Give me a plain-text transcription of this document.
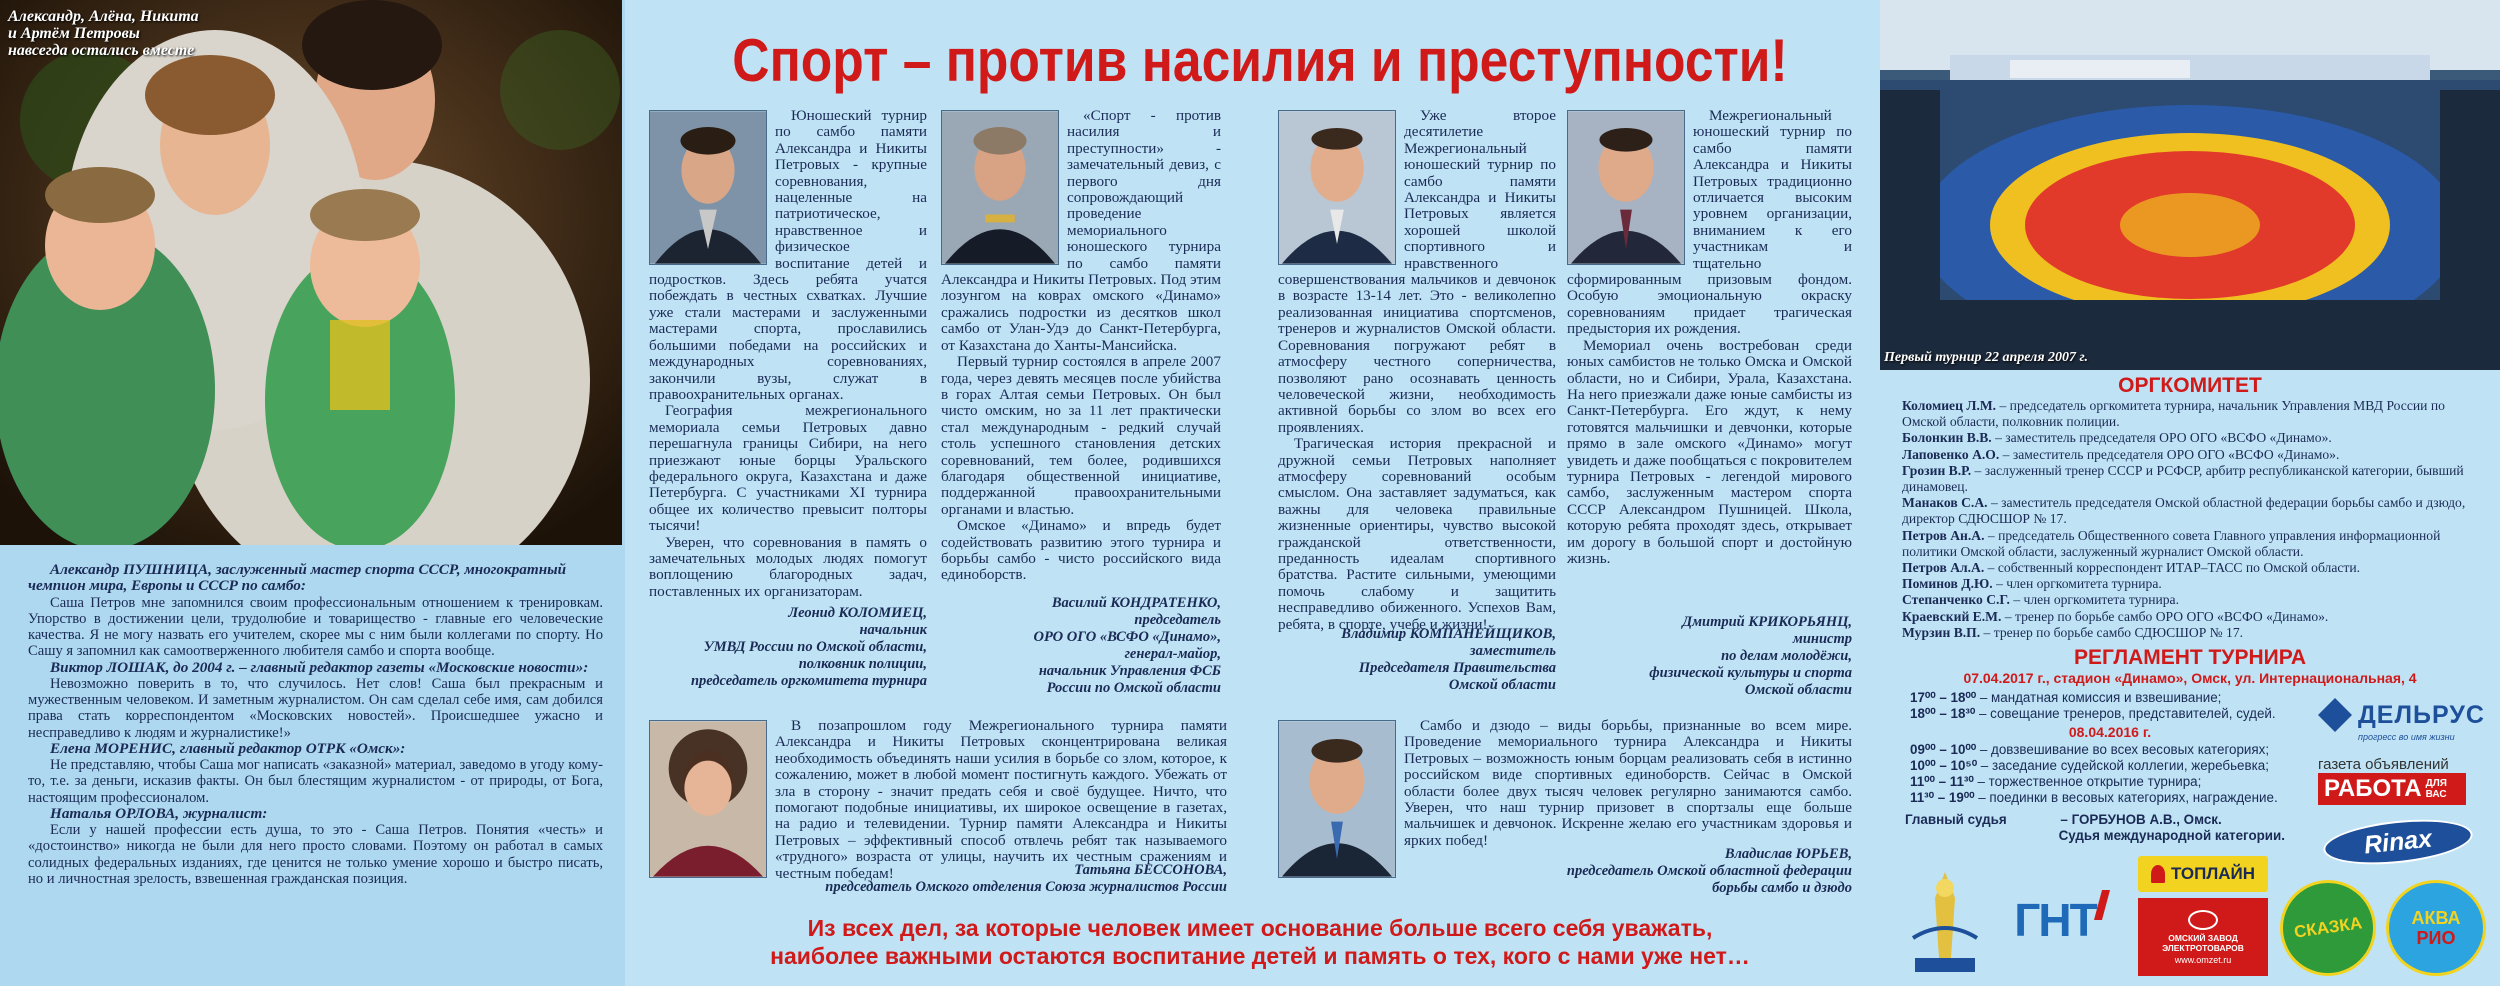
Александр, Алёна, Никита
и Артём Петровы
навсегда остались вместе

Александр ПУШНИЦА, заслуженный мастер спорта СССР, многократный чемпион мира, Европы и СССР по самбо:

Саша Петров мне запомнился своим профессиональным отношением к тренировкам. Упорство в достижении цели, трудолюбие и товарищество - главные его человеческие качества. Я не могу назвать его учителем, скорее мы с ним были коллегами по спорту. Но Сашу я запомнил как самоотверженного любителя самбо и спорта вообще.

Виктор ЛОШАК, до 2004 г. – главный редактор газеты «Московские новости»:

Невозможно поверить в то, что случилось. Нет слов! Саша был прекрасным и мужественным человеком. И заметным журналистом. Он сам сделал себе имя, сам добился права стать корреспондентом «Московских новостей». Происшедшее ужасно и несправедливо к людям и журналистике!»

Елена МОРЕНИС, главный редактор ОТРК «Омск»:

Не представляю, чтобы Саша мог написать «заказной» материал, заведомо в угоду кому-то, т.е. за деньги, исказив факты. Он был блестящим журналистом - от природы, от Бога, настоящим профессионалом.

Наталья ОРЛОВА, журналист:

Если у нашей профессии есть душа, то это - Саша Петров. Понятия «честь» и «достоинство» никогда не были для него просто словами. Поэтому он работал в самых солидных федеральных изданиях, где ценится не только умение хорошо и быстро писать, но и личностная зрелость, взвешенная гражданская позиция.

Спорт – против насилия и преступности!

Юношеский турнир по самбо памяти Александра и Никиты Петровых - крупные соревнования, нацеленные на патриотическое, нравственное и физическое воспитание детей и подростков. Здесь ребята учатся побеждать в честных схватках. Лучшие уже стали мастерами и заслуженными мастерами спорта, прославились большими победами на российских и международных соревнованиях, закончили вузы, служат в правоохранительных органах.

География межрегионального мемориала семьи Петровых давно перешагнула границы Сибири, на него приезжают юные борцы Уральского федерального округа, Казахстана и даже Петербурга. С участниками XI турнира общее их количество превысит полторы тысячи!

Уверен, что соревнования в память о замечательных молодых людях помогут воплощению благородных задач, поставленных их организаторам.

Леонид КОЛОМИЕЦ,
начальник
УМВД России по Омской области,
полковник полиции,
председатель оргкомитета турнира

«Спорт - против насилия и преступности» - замечательный девиз, с первого дня сопровождающий проведение мемориального юношеского турнира по самбо памяти Александра и Никиты Петровых. Под этим лозунгом на коврах омского «Динамо» сражались подростки из десятков школ самбо от Улан-Удэ до Санкт-Петербурга, от Казахстана до Ханты-Мансийска.

Первый турнир состоялся в апреле 2007 года, через девять месяцев после убийства в горах Алтая семьи Петровых. Он был чисто омским, но за 11 лет практически стал международным - редкий случай столь успешного становления детских соревнований, тем более, родившихся благодаря общественной инициативе, поддержанной правоохранительными органами и властью.

Омское «Динамо» и впредь будет содействовать развитию этого турнира и борьбы самбо - чисто российского вида единоборств.

Василий КОНДРАТЕНКО,
председатель
ОРО ОГО «ВСФО «Динамо»,
генерал-майор,
начальник Управления ФСБ
России по Омской области

Уже второе десятилетие Межрегиональный юношеский турнир по самбо памяти Александра и Никиты Петровых является хорошей школой спортивного и нравственного совершенствования мальчиков и девчонок в возрасте 13-14 лет. Это - великолепно реализованная инициатива спортсменов, тренеров и журналистов Омской области. Соревнования погружают ребят в атмосферу честного соперничества, позволяют рано осознавать ценность человеческой жизни, необходимость активной борьбы со злом во всех его проявлениях.

Трагическая история прекрасной и дружной семьи Петровых наполняет атмосферу соревнований особым смыслом. Она заставляет задуматься, как важны для человека правильные жизненные ориентиры, чувство высокой гражданской ответственности, преданность идеалам спортивного братства. Растите сильными, умеющими помочь слабому и защитить несправедливо обиженного. Успехов Вам, ребята, в спорте, учебе и жизни!

Владимир КОМПАНЕЙЩИКОВ,
заместитель
Председателя Правительства
Омской области

Межрегиональный юношеский турнир по самбо памяти Александра и Никиты Петровых традиционно отличается высоким уровнем организации, вниманием к его участникам и тщательно сформированным призовым фондом. Особую эмоциональную окраску соревнованиям придает трагическая предыстория их рождения.

Мемориал очень востребован среди юных самбистов не только Омска и Омской области, но и Сибири, Урала, Казахстана. На него приезжали даже юные самбисты из Санкт-Петербурга. Его ждут, к нему готовятся мальчишки и девчонки, которые прямо в зале омского «Динамо» могут увидеть и даже пообщаться с покровителем турнира Петровых - легендой мирового самбо, заслуженным мастером спорта СССР Александром Пушницей. Школа, которую ребята проходят здесь, открывает им дорогу в большой спорт и достойную жизнь.

Дмитрий КРИКОРЬЯНЦ,
министр
по делам молодёжи,
физической культуры и спорта
Омской области

В позапрошлом году Межрегионального турнира памяти Александра и Никиты Петровых сконцентрирована великая необходимость объединять наши усилия в борьбе со злом, которое, к сожалению, может в любой момент постигнуть каждого. Убежать от зла в сторону - значит предать себя и своё будущее. Ничто, что помогают подобные инициативы, их широкое освещение в газетах, на радио и телевидении. Турнир памяти Александра и Никиты Петровых – эффективный способ отвлечь ребят так называемого «трудного» возраста от улицы, научить их честным сражениям и честным победам!	Татьяна БЕССОНОВА,
председатель Омского отделения Союза журналистов России

Самбо и дзюдо – виды борьбы, признанные во всем мире. Проведение мемориального турнира Александра и Никиты Петровых – возможность юным борцам реализовать себя в истинно российском виде спортивных единоборств. Сейчас в Омской области более двух тысяч человек регулярно занимаются самбо. Уверен, что наш турнир призовет в спортзалы еще больше мальчишек и девчонок. Искренне желаю его участникам здоровья и ярких побед!

Владислав ЮРЬЕВ,
председатель Омской областной федерации
борьбы самбо и дзюдо
Из всех дел, за которые человек имеет основание больше всего себя уважать,
наиболее важными остаются воспитание детей и память о тех, кого с нами уже нет…
Первый турнир 22 апреля 2007 г.
ОРГКОМИТЕТ
Коломиец Л.М. – председатель оргкомитета турнира, начальник Управления МВД России по Омской области, полковник полиции.
Болонкин В.В. – заместитель председателя ОРО ОГО «ВСФО «Динамо».
Лаповенко А.О. – заместитель председателя ОРО ОГО «ВСФО «Динамо».
Грозин В.Р. – заслуженный тренер СССР и РСФСР, арбитр республиканской категории, бывший динамовец.
Манаков С.А. – заместитель председателя Омской областной федерации борьбы самбо и дзюдо, директор СДЮСШОР № 17.
Петров Ан.А. – председатель Общественного совета Главного управления информационной политики Омской области, заслуженный журналист Омской области.
Петров Ал.А. – собственный корреспондент ИТАР–ТАСС по Омской области.
Поминов Д.Ю. – член оргкомитета турнира.
Степанченко С.Г. – член оргкомитета турнира.
Краевский Е.М. – тренер по борьбе самбо ОРО ОГО «ВСФО «Динамо».
Мурзин В.П. – тренер по борьбе самбо СДЮСШОР № 17.
РЕГЛАМЕНТ ТУРНИРА
07.04.2017 г., стадион «Динамо», Омск, ул. Интернациональная, 4
17⁰⁰ – 18⁰⁰ – мандатная комиссия и взвешивание;
18⁰⁰ – 18³⁰ – совещание тренеров, представителей, судей.
08.04.2016 г.
09⁰⁰ – 10⁰⁰ – довзвешивание во всех весовых категориях;
10⁰⁰ – 10⁵⁰ – заседание судейской коллегии, жеребьевка;
11⁰⁰ – 11³⁰ – торжественное открытие турнира;
11³⁰ – 19⁰⁰ – поединки в весовых категориях, награждение.
Главный судья	– ГОРБУНОВ А.В., Омск.
Судья международной категории.
ДЕЛЬРУС
прогресс во имя жизни
газета объявлений
РАБОТА ДЛЯ ВАС
Rinax
ГНТ
ТОПЛАЙН
ОМСКИЙ ЗАВОД ЭЛЕКТРОТОВАРОВ
www.omzet.ru
СКАЗКА	АКВА
РИО
